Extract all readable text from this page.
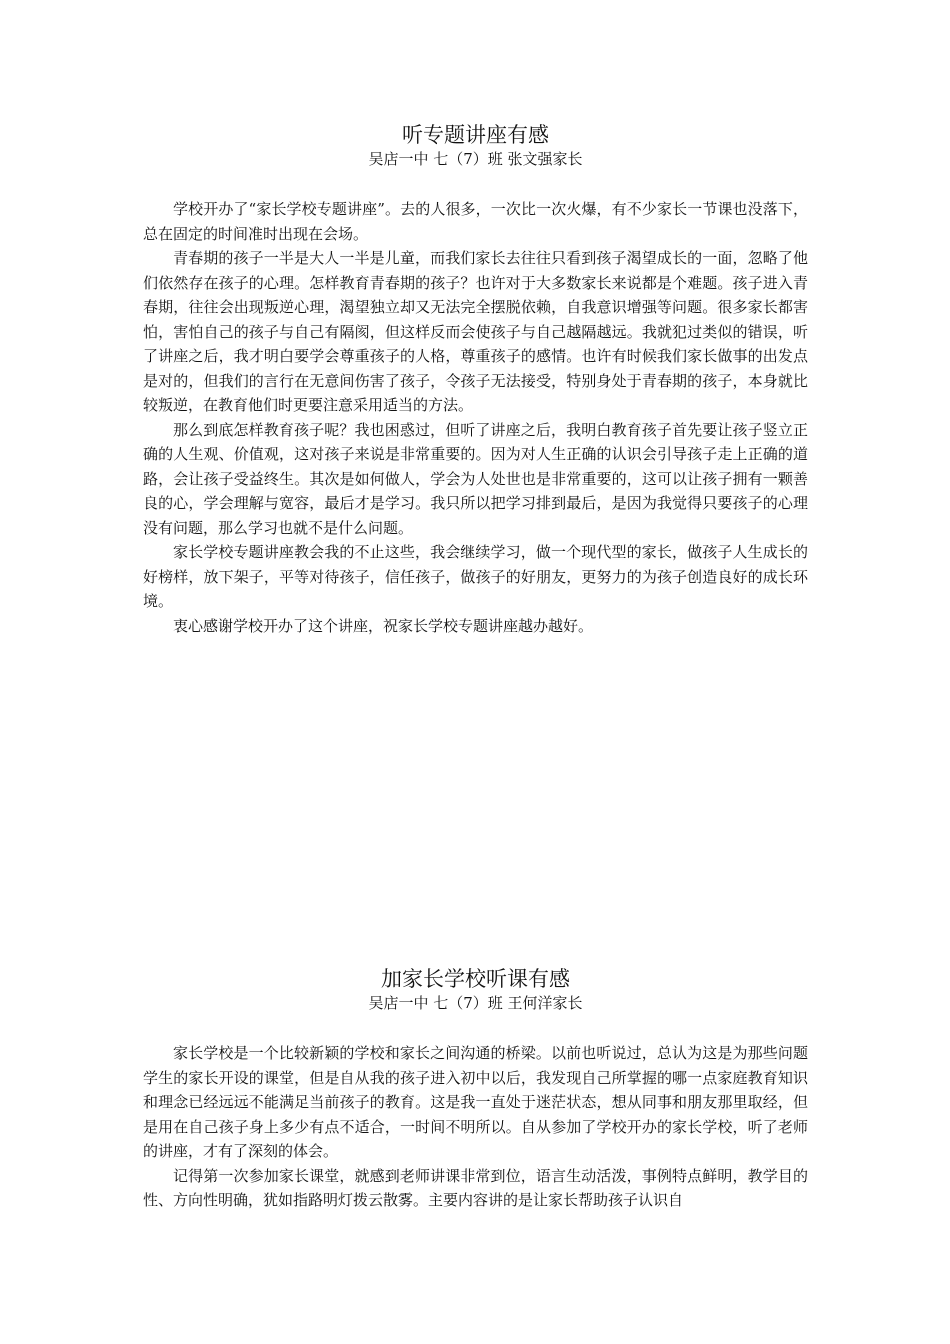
听专题讲座有感

吴店一中 七（7）班 张文强家长

学校开办了“家长学校专题讲座”。去的人很多，一次比一次火爆，有不少家长一节课也没落下，总在固定的时间准时出现在会场。

青春期的孩子一半是大人一半是儿童，而我们家长去往往只看到孩子渴望成长的一面，忽略了他们依然存在孩子的心理。怎样教育青春期的孩子？也许对于大多数家长来说都是个难题。孩子进入青春期，往往会出现叛逆心理，渴望独立却又无法完全摆脱依赖，自我意识增强等问题。很多家长都害怕，害怕自己的孩子与自己有隔阂，但这样反而会使孩子与自己越隔越远。我就犯过类似的错误，听了讲座之后，我才明白要学会尊重孩子的人格，尊重孩子的感情。也许有时候我们家长做事的出发点是对的，但我们的言行在无意间伤害了孩子，令孩子无法接受，特别身处于青春期的孩子，本身就比较叛逆，在教育他们时更要注意采用适当的方法。

那么到底怎样教育孩子呢？我也困惑过，但听了讲座之后，我明白教育孩子首先要让孩子竖立正确的人生观、价值观，这对孩子来说是非常重要的。因为对人生正确的认识会引导孩子走上正确的道路，会让孩子受益终生。其次是如何做人，学会为人处世也是非常重要的，这可以让孩子拥有一颗善良的心，学会理解与宽容，最后才是学习。我只所以把学习排到最后，是因为我觉得只要孩子的心理没有问题，那么学习也就不是什么问题。

家长学校专题讲座教会我的不止这些，我会继续学习，做一个现代型的家长，做孩子人生成长的好榜样，放下架子，平等对待孩子，信任孩子，做孩子的好朋友，更努力的为孩子创造良好的成长环境。

衷心感谢学校开办了这个讲座，祝家长学校专题讲座越办越好。

加家长学校听课有感

吴店一中 七（7）班 王何洋家长

家长学校是一个比较新颖的学校和家长之间沟通的桥梁。以前也听说过，总认为这是为那些问题学生的家长开设的课堂，但是自从我的孩子进入初中以后，我发现自己所掌握的哪一点家庭教育知识和理念已经远远不能满足当前孩子的教育。这是我一直处于迷茫状态，想从同事和朋友那里取经，但是用在自己孩子身上多少有点不适合，一时间不明所以。自从参加了学校开办的家长学校，听了老师的讲座，才有了深刻的体会。

记得第一次参加家长课堂，就感到老师讲课非常到位，语言生动活泼，事例特点鲜明，教学目的性、方向性明确，犹如指路明灯拨云散雾。主要内容讲的是让家长帮助孩子认识自
